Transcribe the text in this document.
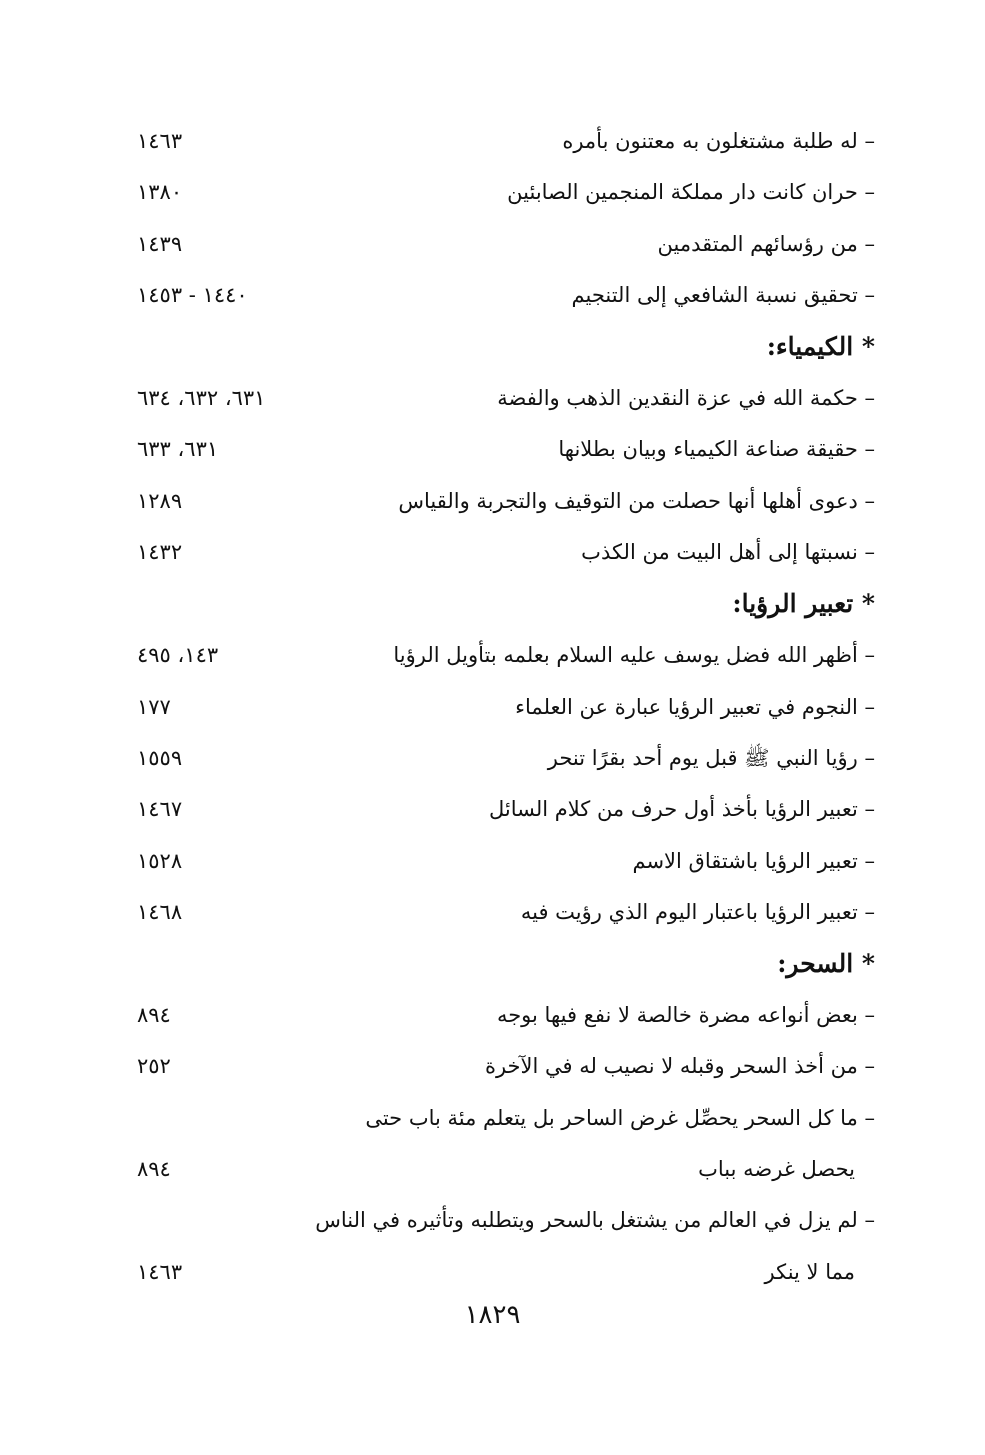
– له طلبة مشتغلون به معتنون بأمره
١٤٦٣
– حران كانت دار مملكة المنجمين الصابئين
١٣٨٠
– من رؤسائهم المتقدمين
١٤٣٩
– تحقيق نسبة الشافعي إلى التنجيم
١٤٤٠ - ١٤٥٣
* الكيمياء:
– حكمة الله في عزة النقدين الذهب والفضة
٦٣١، ٦٣٢، ٦٣٤
– حقيقة صناعة الكيمياء وبيان بطلانها
٦٣١، ٦٣٣
– دعوى أهلها أنها حصلت من التوقيف والتجربة والقياس
١٢٨٩
– نسبتها إلى أهل البيت من الكذب
١٤٣٢
* تعبير الرؤيا:
– أظهر الله فضل يوسف عليه السلام بعلمه بتأويل الرؤيا
١٤٣، ٤٩٥
– النجوم في تعبير الرؤيا عبارة عن العلماء
١٧٧
– رؤيا النبي ﷺ قبل يوم أحد بقرًا تنحر
١٥٥٩
– تعبير الرؤيا بأخذ أول حرف من كلام السائل
١٤٦٧
– تعبير الرؤيا باشتقاق الاسم
١٥٢٨
– تعبير الرؤيا باعتبار اليوم الذي رؤيت فيه
١٤٦٨
* السحر:
– بعض أنواعه مضرة خالصة لا نفع فيها بوجه
٨٩٤
– من أخذ السحر وقبله لا نصيب له في الآخرة
٢٥٢
– ما كل السحر يحصِّل غرض الساحر بل يتعلم مئة باب حتى
يحصل غرضه بباب
٨٩٤
– لم يزل في العالم من يشتغل بالسحر ويتطلبه وتأثيره في الناس
مما لا ينكر
١٤٦٣
١٨٢٩
